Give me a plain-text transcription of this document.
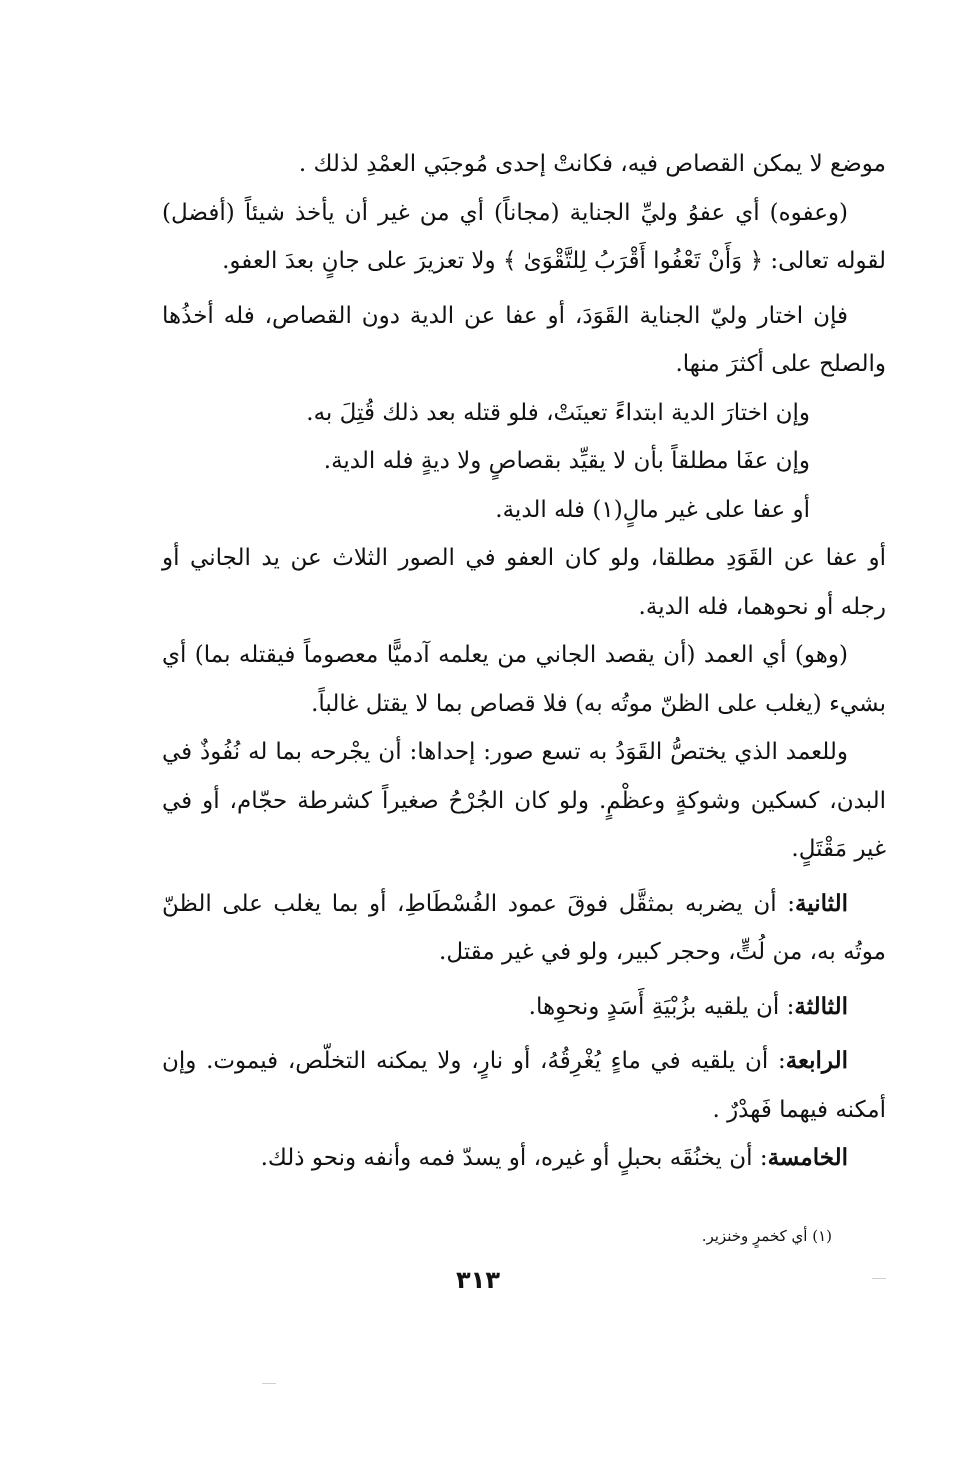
موضع لا يمكن القصاص فيه، فكانتْ إحدى مُوجبَي العمْدِ لذلك .

(وعفوه) أي عفوُ وليِّ الجناية (مجاناً) أي من غير أن يأخذ شيئاً (أفضل) لقوله تعالى: ﴿ وَأَنْ تَعْفُوا أَقْرَبُ لِلتَّقْوَىٰ ﴾ ولا تعزيرَ على جانٍ بعدَ العفو.

فإن اختار وليّ الجناية القَوَدَ، أو عفا عن الدية دون القصاص، فله أخذُها والصلح على أكثرَ منها.

وإن اختارَ الدية ابتداءً تعينَتْ، فلو قتله بعد ذلك قُتِلَ به.

وإن عفَا مطلقاً بأن لا يقيِّد بقصاصٍ ولا ديةٍ فله الدية.

أو عفا على غير مالٍ(١) فله الدية.

أو عفا عن القَوَدِ مطلقا، ولو كان العفو في الصور الثلاث عن يد الجاني أو رجله أو نحوهما، فله الدية.

(وهو) أي العمد (أن يقصد الجاني من يعلمه آدميًّا معصوماً فيقتله بما) أي بشيء (يغلب على الظنّ موتُه به) فلا قصاص بما لا يقتل غالباً.

وللعمد الذي يختصُّ القَوَدُ به تسع صور: إحداها: أن يجْرحه بما له نُفُوذٌ في البدن، كسكين وشوكةٍ وعظْمٍ. ولو كان الجُرْحُ صغيراً كشرطة حجّام، أو في غير مَقْتَلٍ.

الثانية: أن يضربه بمثقَّل فوقَ عمود الفُسْطَاطِ، أو بما يغلب على الظنّ موتُه به، من لُتٍّ، وحجر كبير، ولو في غير مقتل.

الثالثة: أن يلقيه بزُبْيَةِ أَسَدٍ ونحوِها.

الرابعة: أن يلقيه في ماءٍ يُغْرِقُهُ، أو نارٍ، ولا يمكنه التخلّص، فيموت. وإن أمكنه فيهما فَهدْرٌ .

الخامسة: أن يخنُقَه بحبلٍ أو غيره، أو يسدّ فمه وأنفه ونحو ذلك.

(١) أي كخمرٍ وخنزير.
٣١٣
